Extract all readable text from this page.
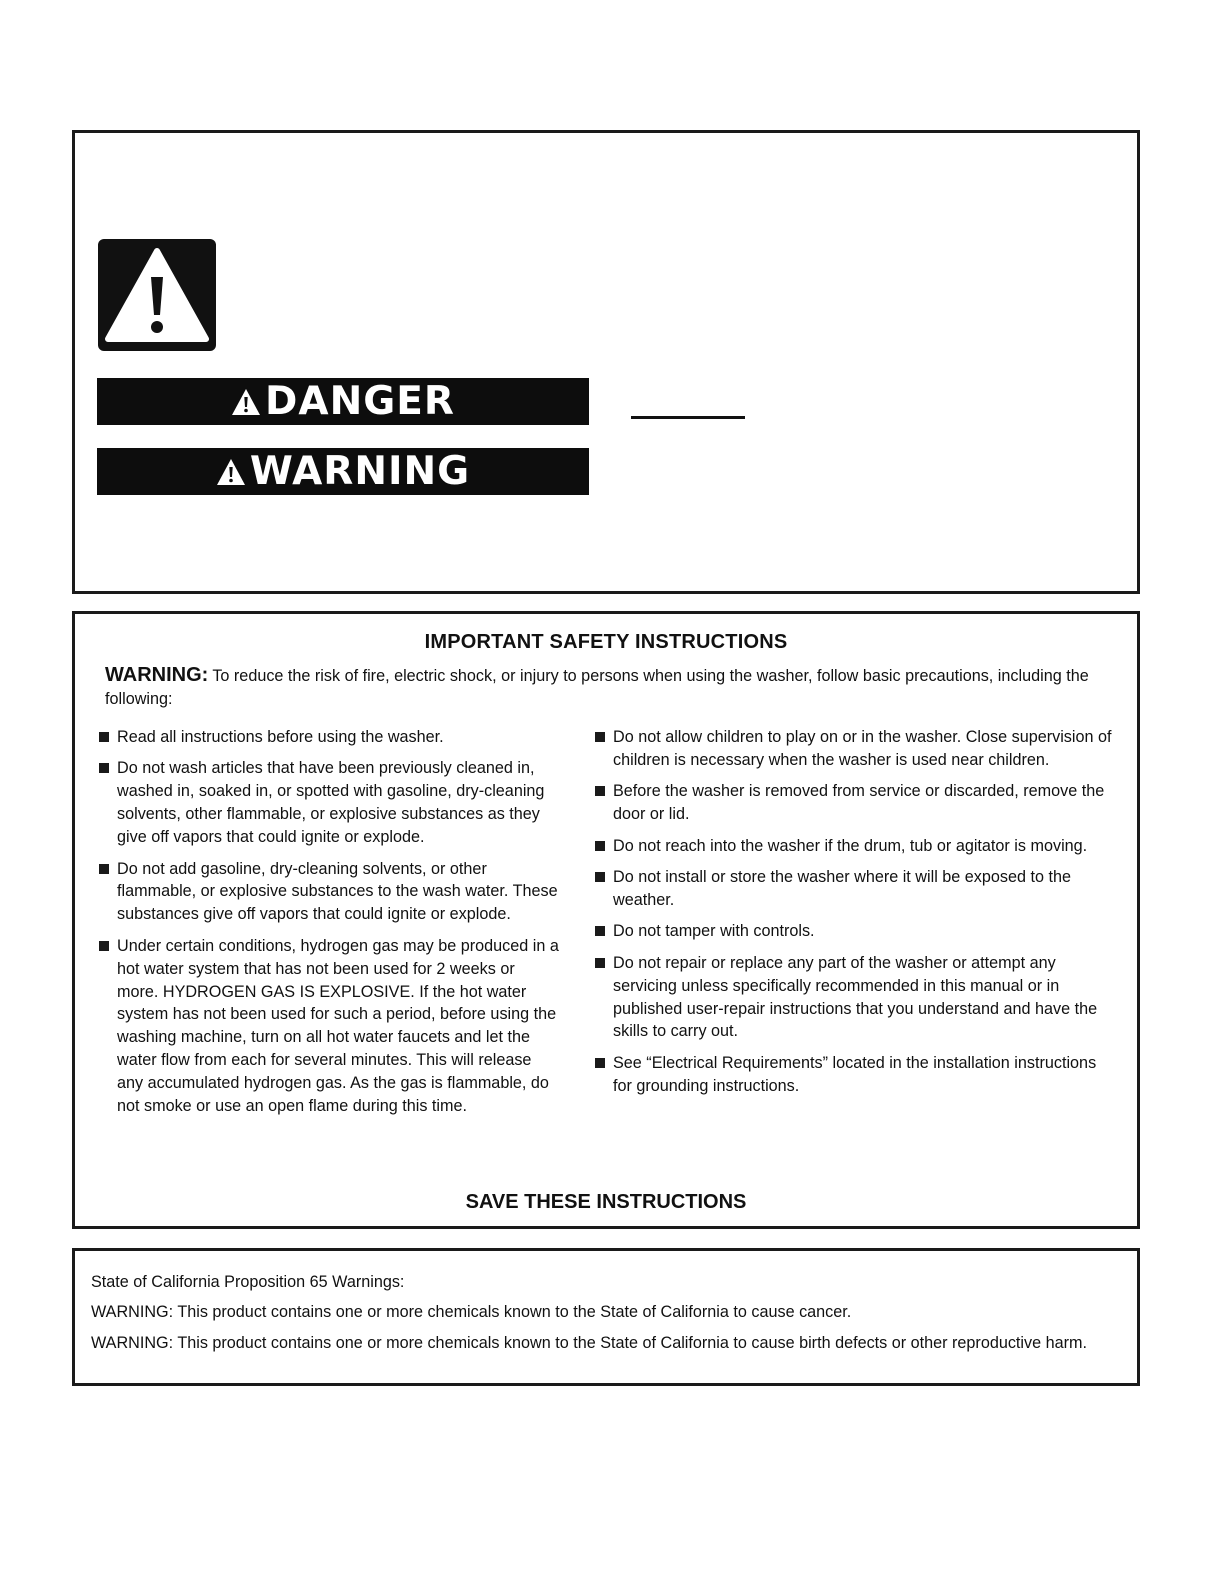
DANGER
WARNING
IMPORTANT SAFETY INSTRUCTIONS
WARNING: To reduce the risk of fire, electric shock, or injury to persons when using the washer, follow basic precautions, including the following:
Read all instructions before using the washer.
Do not wash articles that have been previously cleaned in, washed in, soaked in, or spotted with gasoline, dry-cleaning solvents, other flammable, or explosive substances as they give off vapors that could ignite or explode.
Do not add gasoline, dry-cleaning solvents, or other flammable, or explosive substances to the wash water. These substances give off vapors that could ignite or explode.
Under certain conditions, hydrogen gas may be produced in a hot water system that has not been used for 2 weeks or more. HYDROGEN GAS IS EXPLOSIVE. If the hot water system has not been used for such a period, before using the washing machine, turn on all hot water faucets and let the water flow from each for several minutes. This will release any accumulated hydrogen gas. As the gas is flammable, do not smoke or use an open flame during this time.
Do not allow children to play on or in the washer. Close supervision of children is necessary when the washer is used near children.
Before the washer is removed from service or discarded, remove the door or lid.
Do not reach into the washer if the drum, tub or agitator is moving.
Do not install or store the washer where it will be exposed to the weather.
Do not tamper with controls.
Do not repair or replace any part of the washer or attempt any servicing unless specifically recommended in this manual or in published user-repair instructions that you understand and have the skills to carry out.
See “Electrical Requirements” located in the installation instructions for grounding instructions.
SAVE THESE INSTRUCTIONS
State of California Proposition 65 Warnings:
WARNING: This product contains one or more chemicals known to the State of California to cause cancer.
WARNING: This product contains one or more chemicals known to the State of California to cause birth defects or other reproductive harm.
